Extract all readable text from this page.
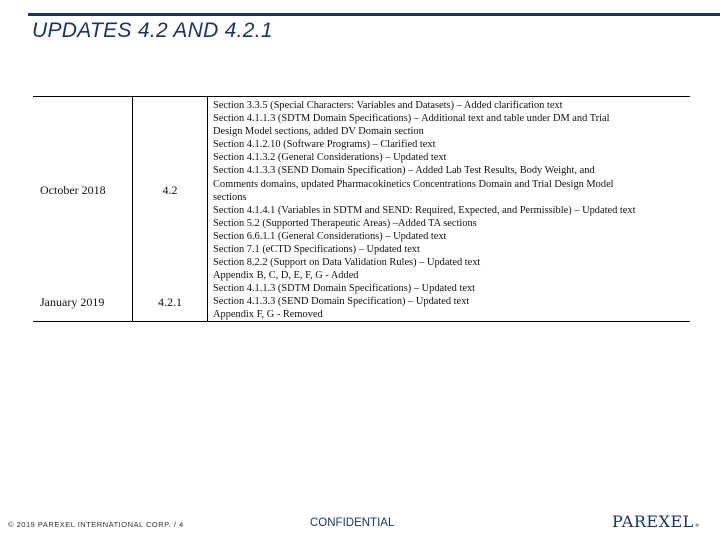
UPDATES 4.2 AND 4.2.1
October 2018	4.2
Section 3.3.5 (Special Characters: Variables and Datasets) – Added clarification text
Section 4.1.1.3 (SDTM Domain Specifications) – Additional text and table under DM and Trial
Design Model sections, added DV Domain section
Section 4.1.2.10 (Software Programs) – Clarified text
Section 4.1.3.2 (General Considerations) – Updated text
Section 4.1.3.3 (SEND Domain Specification) – Added Lab Test Results, Body Weight, and
Comments domains, updated Pharmacokinetics Concentrations Domain and Trial Design Model
sections
Section 4.1.4.1 (Variables in SDTM and SEND: Required, Expected, and Permissible) – Updated text
Section 5.2 (Supported Therapeutic Areas) –Added TA sections
Section 6.6.1.1 (General Considerations) – Updated text
Section 7.1 (eCTD Specifications) – Updated text
Section 8.2.2 (Support on Data Validation Rules) – Updated text
Appendix B, C, D, E, F, G - Added
January 2019	4.2.1
Section 4.1.1.3 (SDTM Domain Specifications) – Updated text
Section 4.1.3.3 (SEND Domain Specification) – Updated text
Appendix F, G - Removed
© 2019 PAREXEL INTERNATIONAL CORP. / 4	CONFIDENTIAL	PAREXEL®
